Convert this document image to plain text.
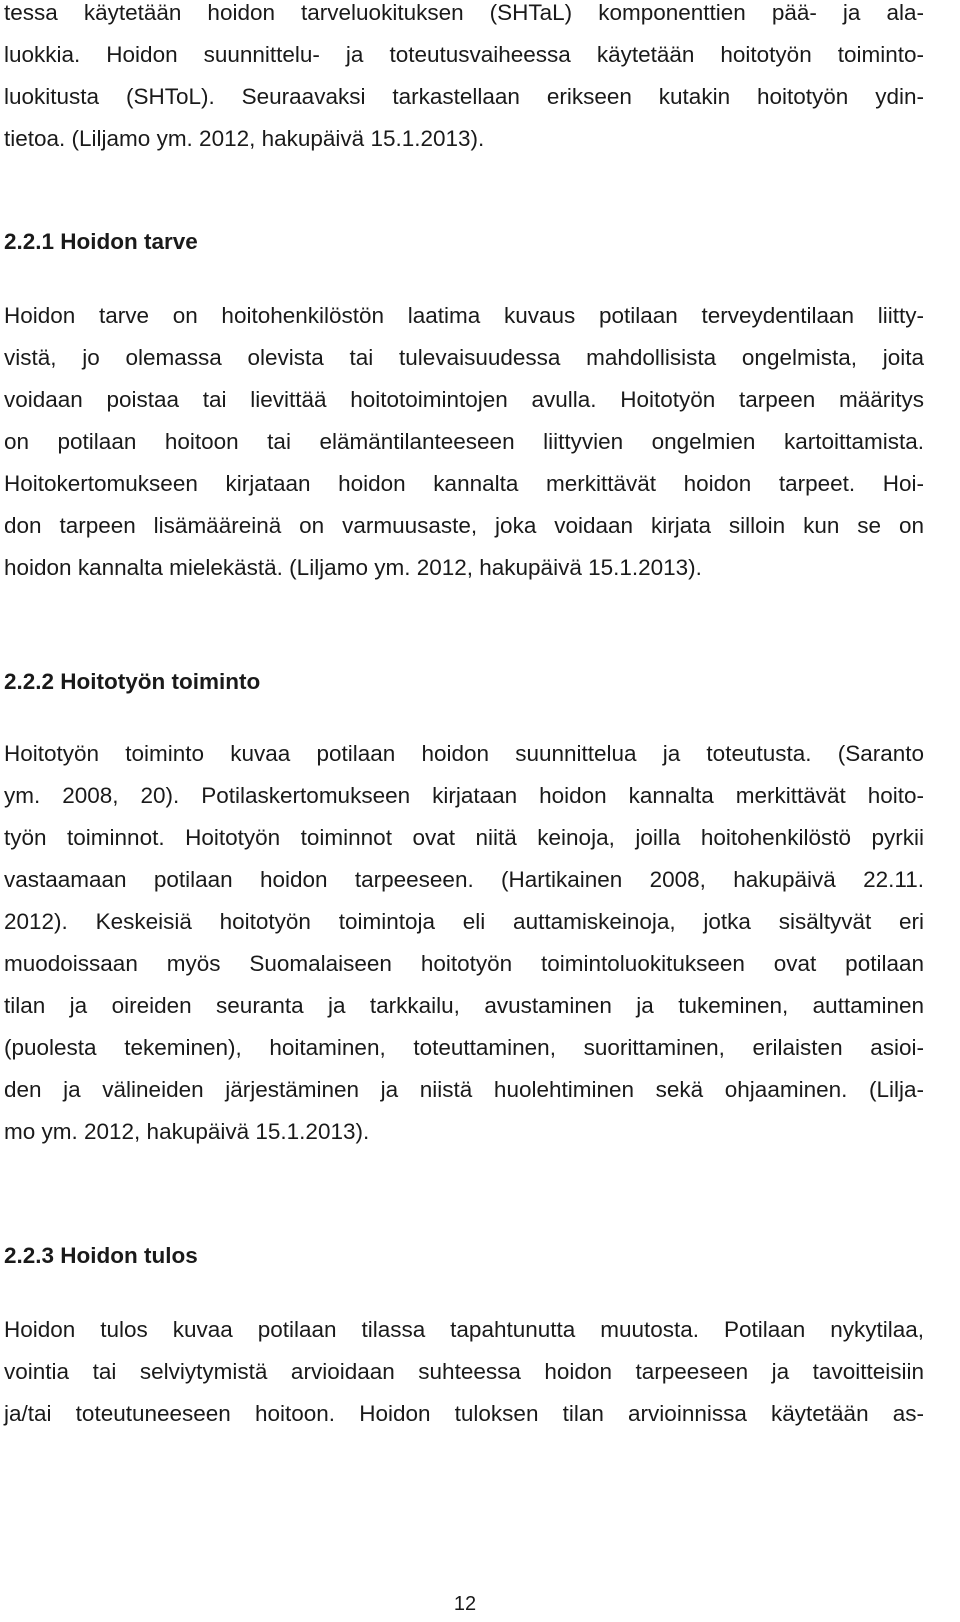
tessa käytetään hoidon tarveluokituksen (SHTaL) komponenttien pää- ja ala-
luokkia. Hoidon suunnittelu- ja toteutusvaiheessa käytetään hoitotyön toiminto-
luokitusta (SHToL). Seuraavaksi tarkastellaan erikseen kutakin hoitotyön ydin-
tietoa. (Liljamo ym. 2012, hakupäivä 15.1.2013).
2.2.1 Hoidon tarve
Hoidon tarve on hoitohenkilöstön laatima kuvaus potilaan terveydentilaan liitty-
vistä, jo olemassa olevista tai tulevaisuudessa mahdollisista ongelmista, joita
voidaan poistaa tai lievittää hoitotoimintojen avulla. Hoitotyön tarpeen määritys
on potilaan hoitoon tai elämäntilanteeseen liittyvien ongelmien kartoittamista.
Hoitokertomukseen kirjataan hoidon kannalta merkittävät hoidon tarpeet. Hoi-
don tarpeen lisämääreinä on varmuusaste, joka voidaan kirjata silloin kun se on
hoidon kannalta mielekästä. (Liljamo ym. 2012, hakupäivä 15.1.2013).
2.2.2 Hoitotyön toiminto
Hoitotyön toiminto kuvaa potilaan hoidon suunnittelua ja toteutusta. (Saranto
ym. 2008, 20). Potilaskertomukseen kirjataan hoidon kannalta merkittävät hoito-
työn toiminnot. Hoitotyön toiminnot ovat niitä keinoja, joilla hoitohenkilöstö pyrkii
vastaamaan potilaan hoidon tarpeeseen. (Hartikainen 2008, hakupäivä 22.11.
2012). Keskeisiä hoitotyön toimintoja eli auttamiskeinoja, jotka sisältyvät eri
muodoissaan myös Suomalaiseen hoitotyön toimintoluokitukseen ovat potilaan
tilan ja oireiden seuranta ja tarkkailu, avustaminen ja tukeminen, auttaminen
(puolesta tekeminen), hoitaminen, toteuttaminen, suorittaminen, erilaisten asioi-
den ja välineiden järjestäminen ja niistä huolehtiminen sekä ohjaaminen. (Lilja-
mo ym. 2012, hakupäivä 15.1.2013).
2.2.3 Hoidon tulos
Hoidon tulos kuvaa potilaan tilassa tapahtunutta muutosta. Potilaan nykytilaa,
vointia tai selviytymistä arvioidaan suhteessa hoidon tarpeeseen ja tavoitteisiin
ja/tai toteutuneeseen hoitoon. Hoidon tuloksen tilan arvioinnissa käytetään as-
12
